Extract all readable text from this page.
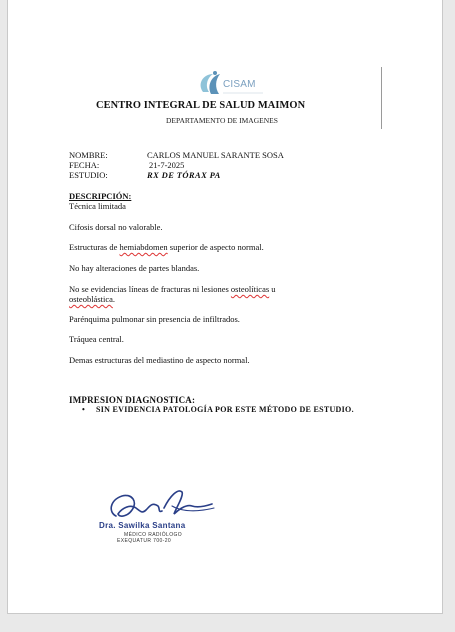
CISAM
CENTRO INTEGRAL DE SALUD MAIMON
DEPARTAMENTO DE IMAGENES
NOMBRE:	CARLOS MANUEL SARANTE SOSA
FECHA:	21-7-2025
ESTUDIO:	RX DE TÓRAX PA
DESCRIPCIÓN:
Técnica limitada
Cifosis dorsal no valorable.
Estructuras de hemiabdomen superior de aspecto normal.
No hay alteraciones de partes blandas.
No se evidencias líneas de fracturas ni lesiones osteolíticas u
osteoblástica.
Parénquima pulmonar sin presencia de infiltrados.
Tráquea central.
Demas estructuras del mediastino de aspecto normal.
IMPRESION DIAGNOSTICA:
• SIN EVIDENCIA PATOLOGÍA POR ESTE MÉTODO DE ESTUDIO.
Dra. Sawilka Santana
MÉDICO RADIÓLOGO
EXEQUATUR 700-20
